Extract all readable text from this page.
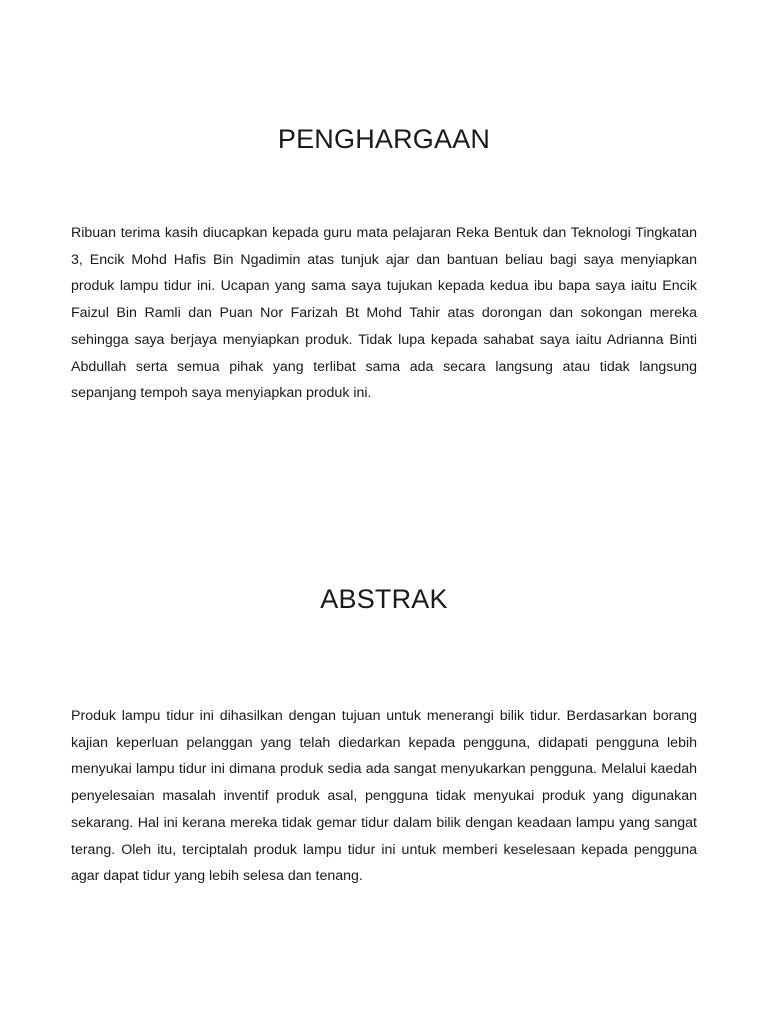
PENGHARGAAN

Ribuan terima kasih diucapkan kepada guru mata pelajaran Reka Bentuk dan Teknologi Tingkatan 3, Encik Mohd Hafis Bin Ngadimin atas tunjuk ajar dan bantuan beliau bagi saya menyiapkan produk lampu tidur ini. Ucapan yang sama saya tujukan kepada kedua ibu bapa saya iaitu Encik Faizul Bin Ramli dan Puan Nor Farizah Bt Mohd Tahir atas dorongan dan sokongan mereka sehingga saya berjaya menyiapkan produk. Tidak lupa kepada sahabat saya iaitu Adrianna Binti Abdullah serta semua pihak yang terlibat sama ada secara langsung atau tidak langsung sepanjang tempoh saya menyiapkan produk ini.

ABSTRAK

Produk lampu tidur ini dihasilkan dengan tujuan untuk menerangi bilik tidur. Berdasarkan borang kajian keperluan pelanggan yang telah diedarkan kepada pengguna, didapati pengguna lebih menyukai lampu tidur ini dimana produk sedia ada sangat menyukarkan pengguna. Melalui kaedah penyelesaian masalah inventif produk asal, pengguna tidak menyukai produk yang digunakan sekarang. Hal ini kerana mereka tidak gemar tidur dalam bilik dengan keadaan lampu yang sangat terang. Oleh itu, terciptalah produk lampu tidur ini untuk memberi keselesaan kepada pengguna agar dapat tidur yang lebih selesa dan tenang.
